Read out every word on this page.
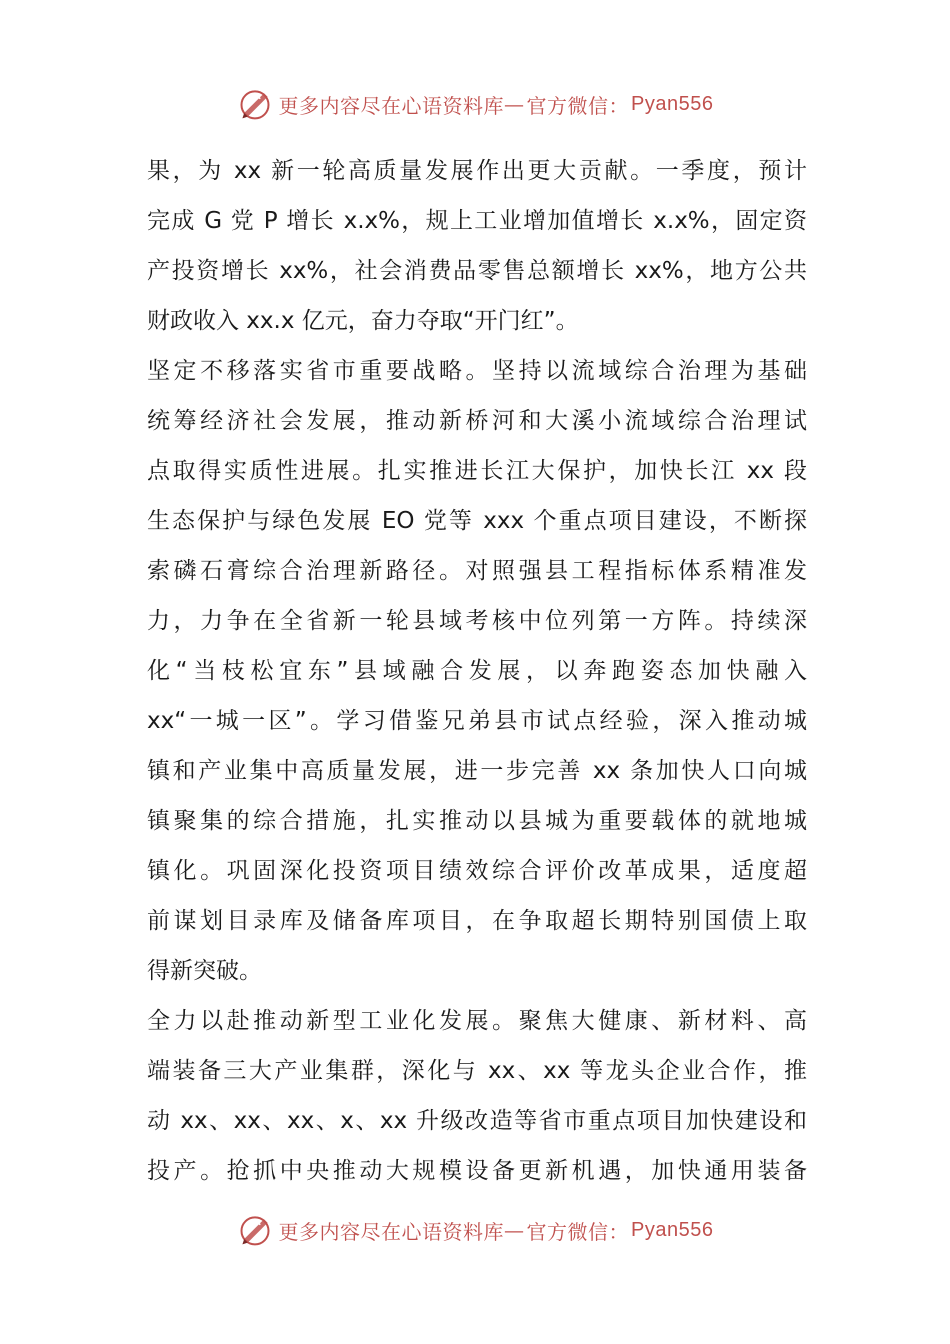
更多内容尽在心语资料库 — 官方微信： Pyan556
果，为 xx 新一轮高质量发展作出更大贡献。一季度，预计
完成 G 党 P 增长 x.x%，规上工业增加值增长 x.x%，固定资
产投资增长 xx%，社会消费品零售总额增长 xx%，地方公共
财政收入 xx.x 亿元，奋力夺取“开门红”。
坚定不移落实省市重要战略。坚持以流域综合治理为基础
统筹经济社会发展，推动新桥河和大溪小流域综合治理试
点取得实质性进展。扎实推进长江大保护，加快长江 xx 段
生态保护与绿色发展 EO 党等 xxx 个重点项目建设，不断探
索磷石膏综合治理新路径。对照强县工程指标体系精准发
力，力争在全省新一轮县域考核中位列第一方阵。持续深
化“当枝松宜东”县域融合发展，以奔跑姿态加快融入
xx“一城一区”。学习借鉴兄弟县市试点经验，深入推动城
镇和产业集中高质量发展，进一步完善 xx 条加快人口向城
镇聚集的综合措施，扎实推动以县城为重要载体的就地城
镇化。巩固深化投资项目绩效综合评价改革成果，适度超
前谋划目录库及储备库项目，在争取超长期特别国债上取
得新突破。
全力以赴推动新型工业化发展。聚焦大健康、新材料、高
端装备三大产业集群，深化与 xx、xx 等龙头企业合作，推
动 xx、xx、xx、x、xx 升级改造等省市重点项目加快建设和
投产。抢抓中央推动大规模设备更新机遇，加快通用装备
更多内容尽在心语资料库 — 官方微信： Pyan556
